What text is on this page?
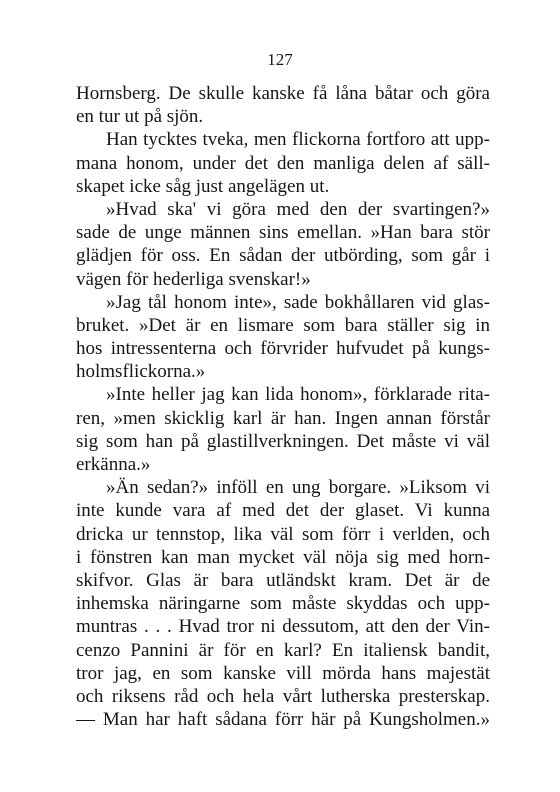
127
Hornsberg. De skulle kanske få låna båtar och göra
en tur ut på sjön.
Han tycktes tveka, men flickorna fortforo att upp-
mana honom, under det den manliga delen af säll-
skapet icke såg just angelägen ut.
»Hvad ska' vi göra med den der svartingen?»
sade de unge männen sins emellan. »Han bara stör
glädjen för oss. En sådan der utbörding, som går i
vägen för hederliga svenskar!»
»Jag tål honom inte», sade bokhållaren vid glas-
bruket. »Det är en lismare som bara ställer sig in
hos intressenterna och förvrider hufvudet på kungs-
holmsflickorna.»
»Inte heller jag kan lida honom», förklarade rita-
ren, »men skicklig karl är han. Ingen annan förstår
sig som han på glastillverkningen. Det måste vi väl
erkänna.»
»Än sedan?» inföll en ung borgare. »Liksom vi
inte kunde vara af med det der glaset. Vi kunna
dricka ur tennstop, lika väl som förr i verlden, och
i fönstren kan man mycket väl nöja sig med horn-
skifvor. Glas är bara utländskt kram. Det är de
inhemska näringarne som måste skyddas och upp-
muntras . . . Hvad tror ni dessutom, att den der Vin-
cenzo Pannini är för en karl? En italiensk bandit,
tror jag, en som kanske vill mörda hans majestät
och riksens råd och hela vårt lutherska presterskap.
— Man har haft sådana förr här på Kungsholmen.»
